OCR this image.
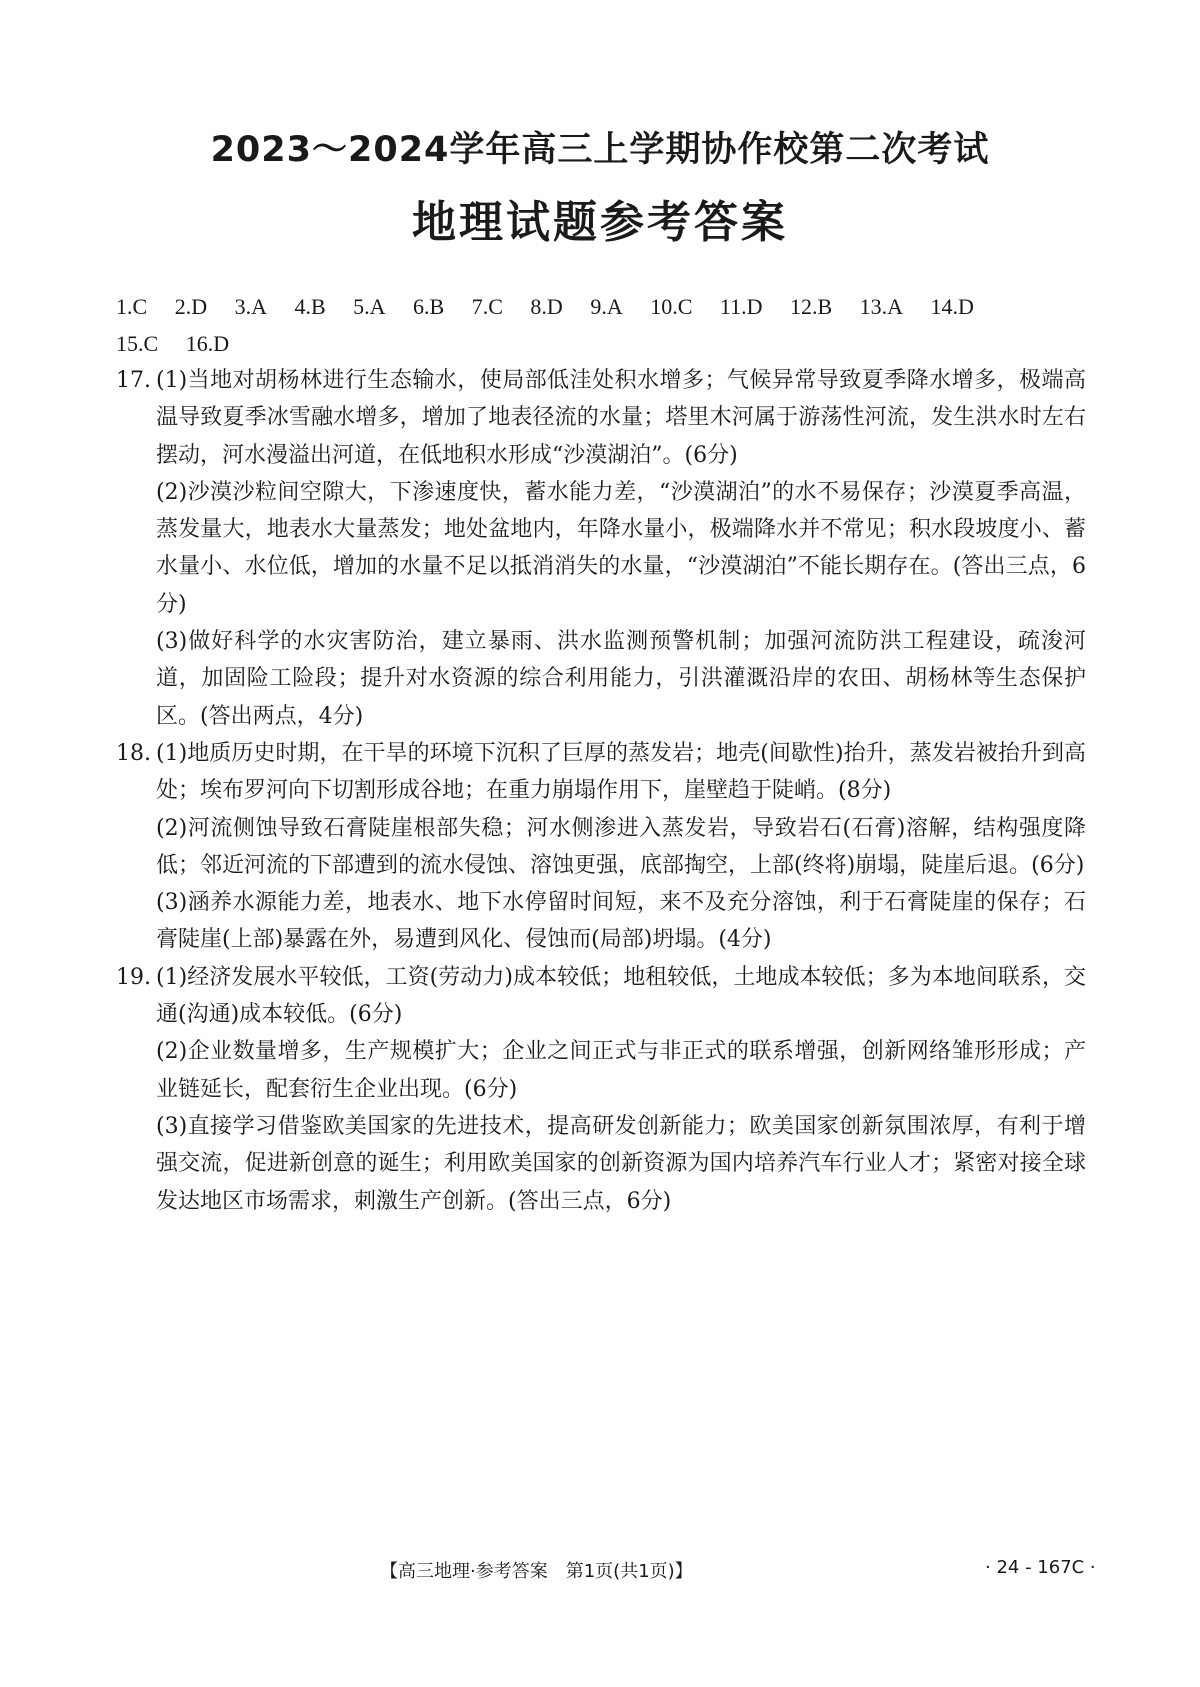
2023～2024学年高三上学期协作校第二次考试
地理试题参考答案
1.C 2.D 3.A 4.B 5.A 6.B 7.C 8.D 9.A 10.C 11.D 12.B 13.A 14.D
15.C 16.D
17. (1)当地对胡杨林进行生态输水，使局部低洼处积水增多；气候异常导致夏季降水增多，极端高温导致夏季冰雪融水增多，增加了地表径流的水量；塔里木河属于游荡性河流，发生洪水时左右摆动，河水漫溢出河道，在低地积水形成“沙漠湖泊”。(6分)

(2)沙漠沙粒间空隙大，下渗速度快，蓄水能力差，“沙漠湖泊”的水不易保存；沙漠夏季高温，蒸发量大，地表水大量蒸发；地处盆地内，年降水量小，极端降水并不常见；积水段坡度小、蓄水量小、水位低，增加的水量不足以抵消消失的水量，“沙漠湖泊”不能长期存在。(答出三点，6分)

(3)做好科学的水灾害防治，建立暴雨、洪水监测预警机制；加强河流防洪工程建设，疏浚河道，加固险工险段；提升对水资源的综合利用能力，引洪灌溉沿岸的农田、胡杨林等生态保护区。(答出两点，4分)

18. (1)地质历史时期，在干旱的环境下沉积了巨厚的蒸发岩；地壳(间歇性)抬升，蒸发岩被抬升到高处；埃布罗河向下切割形成谷地；在重力崩塌作用下，崖壁趋于陡峭。(8分)

(2)河流侧蚀导致石膏陡崖根部失稳；河水侧渗进入蒸发岩，导致岩石(石膏)溶解，结构强度降低；邻近河流的下部遭到的流水侵蚀、溶蚀更强，底部掏空，上部(终将)崩塌，陡崖后退。(6分)

(3)涵养水源能力差，地表水、地下水停留时间短，来不及充分溶蚀，利于石膏陡崖的保存；石膏陡崖(上部)暴露在外，易遭到风化、侵蚀而(局部)坍塌。(4分)

19. (1)经济发展水平较低，工资(劳动力)成本较低；地租较低，土地成本较低；多为本地间联系，交通(沟通)成本较低。(6分)

(2)企业数量增多，生产规模扩大；企业之间正式与非正式的联系增强，创新网络雏形形成；产业链延长，配套衍生企业出现。(6分)

(3)直接学习借鉴欧美国家的先进技术，提高研发创新能力；欧美国家创新氛围浓厚，有利于增强交流，促进新创意的诞生；利用欧美国家的创新资源为国内培养汽车行业人才；紧密对接全球发达地区市场需求，刺激生产创新。(答出三点，6分)

【高三地理·参考答案　第1页(共1页)】	· 24 - 167C ·
